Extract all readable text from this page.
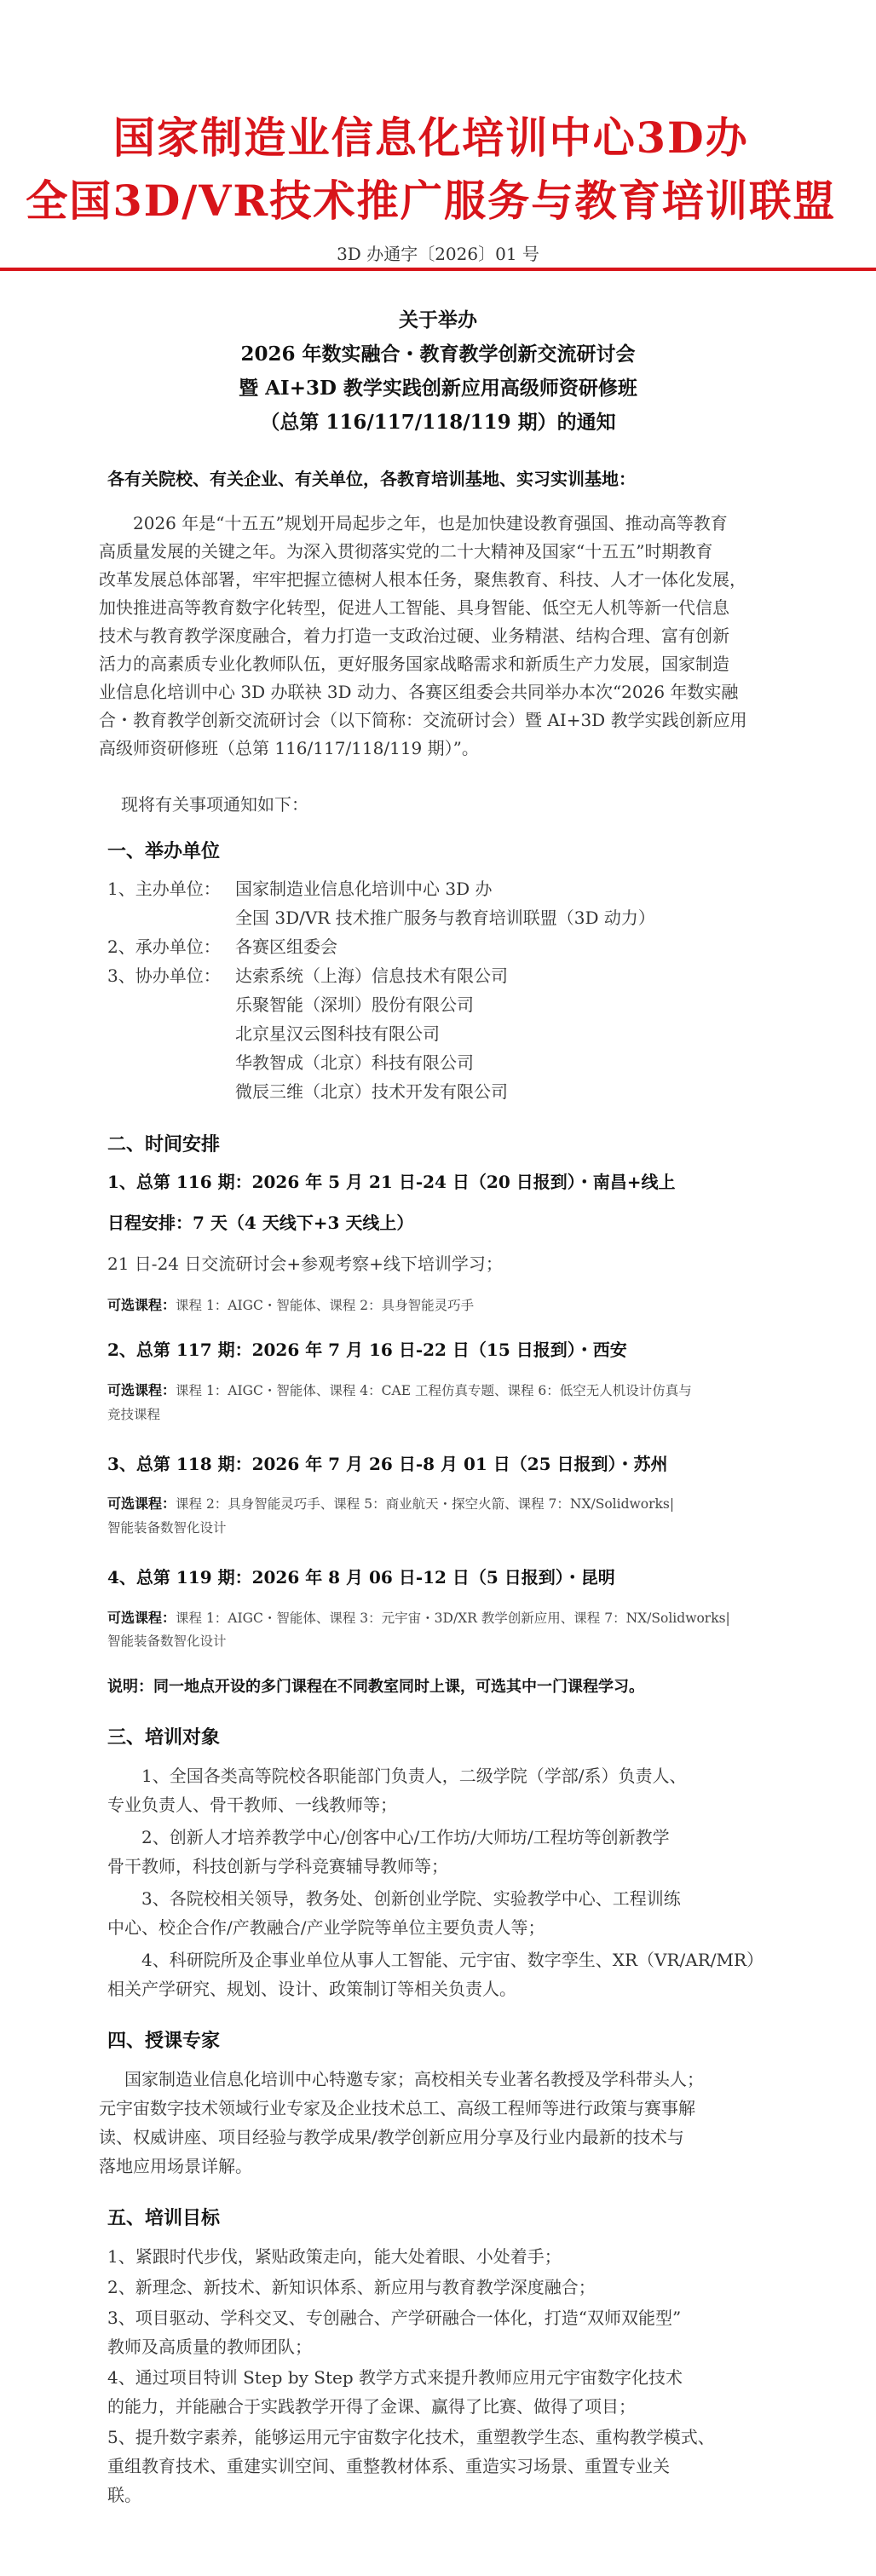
国家制造业信息化培训中心3D办
全国3D/VR技术推广服务与教育培训联盟
3D 办通字〔2026〕01 号
关于举办
2026 年数实融合・教育教学创新交流研讨会
暨 AI+3D 教学实践创新应用高级师资研修班
（总第 116/117/118/119 期）的通知
各有关院校、有关企业、有关单位，各教育培训基地、实习实训基地：
2026 年是“十五五”规划开局起步之年，也是加快建设教育强国、推动高等教育
高质量发展的关键之年。为深入贯彻落实党的二十大精神及国家“十五五”时期教育
改革发展总体部署，牢牢把握立德树人根本任务，聚焦教育、科技、人才一体化发展，
加快推进高等教育数字化转型，促进人工智能、具身智能、低空无人机等新一代信息
技术与教育教学深度融合，着力打造一支政治过硬、业务精湛、结构合理、富有创新
活力的高素质专业化教师队伍，更好服务国家战略需求和新质生产力发展，国家制造
业信息化培训中心 3D 办联袂 3D 动力、各赛区组委会共同举办本次“2026 年数实融
合・教育教学创新交流研讨会（以下简称：交流研讨会）暨 AI+3D 教学实践创新应用
高级师资研修班（总第 116/117/118/119 期）”。
现将有关事项通知如下：
一、举办单位
1、主办单位： 国家制造业信息化培训中心 3D 办
全国 3D/VR 技术推广服务与教育培训联盟（3D 动力）
2、承办单位： 各赛区组委会
3、协办单位： 达索系统（上海）信息技术有限公司
乐聚智能（深圳）股份有限公司
北京星汉云图科技有限公司
华教智成（北京）科技有限公司
微辰三维（北京）技术开发有限公司
二、时间安排
1、总第 116 期：2026 年 5 月 21 日-24 日（20 日报到）・南昌+线上
日程安排：7 天（4 天线下+3 天线上）
21 日-24 日交流研讨会+参观考察+线下培训学习；
可选课程：课程 1：AIGC・智能体、课程 2：具身智能灵巧手
2、总第 117 期：2026 年 7 月 16 日-22 日（15 日报到）・西安
可选课程：课程 1：AIGC・智能体、课程 4：CAE 工程仿真专题、课程 6：低空无人机设计仿真与
竞技课程
3、总第 118 期：2026 年 7 月 26 日-8 月 01 日（25 日报到）・苏州
可选课程：课程 2：具身智能灵巧手、课程 5：商业航天・探空火箭、课程 7：NX/Solidworks|
智能装备数智化设计
4、总第 119 期：2026 年 8 月 06 日-12 日（5 日报到）・昆明
可选课程：课程 1：AIGC・智能体、课程 3：元宇宙・3D/XR 教学创新应用、课程 7：NX/Solidworks|
智能装备数智化设计
说明：同一地点开设的多门课程在不同教室同时上课，可选其中一门课程学习。
三、培训对象
1、全国各类高等院校各职能部门负责人，二级学院（学部/系）负责人、
专业负责人、骨干教师、一线教师等；
2、创新人才培养教学中心/创客中心/工作坊/大师坊/工程坊等创新教学
骨干教师，科技创新与学科竞赛辅导教师等；
3、各院校相关领导，教务处、创新创业学院、实验教学中心、工程训练
中心、校企合作/产教融合/产业学院等单位主要负责人等；
4、科研院所及企事业单位从事人工智能、元宇宙、数字孪生、XR（VR/AR/MR）
相关产学研究、规划、设计、政策制订等相关负责人。
四、授课专家
国家制造业信息化培训中心特邀专家；高校相关专业著名教授及学科带头人；
元宇宙数字技术领域行业专家及企业技术总工、高级工程师等进行政策与赛事解
读、权威讲座、项目经验与教学成果/教学创新应用分享及行业内最新的技术与
落地应用场景详解。
五、培训目标
1、紧跟时代步伐，紧贴政策走向，能大处着眼、小处着手；
2、新理念、新技术、新知识体系、新应用与教育教学深度融合；
3、项目驱动、学科交叉、专创融合、产学研融合一体化，打造“双师双能型”
教师及高质量的教师团队；
4、通过项目特训 Step by Step 教学方式来提升教师应用元宇宙数字化技术
的能力，并能融合于实践教学开得了金课、赢得了比赛、做得了项目；
5、提升数字素养，能够运用元宇宙数字化技术，重塑教学生态、重构教学模式、
重组教育技术、重建实训空间、重整教材体系、重造实习场景、重置专业关
联。
